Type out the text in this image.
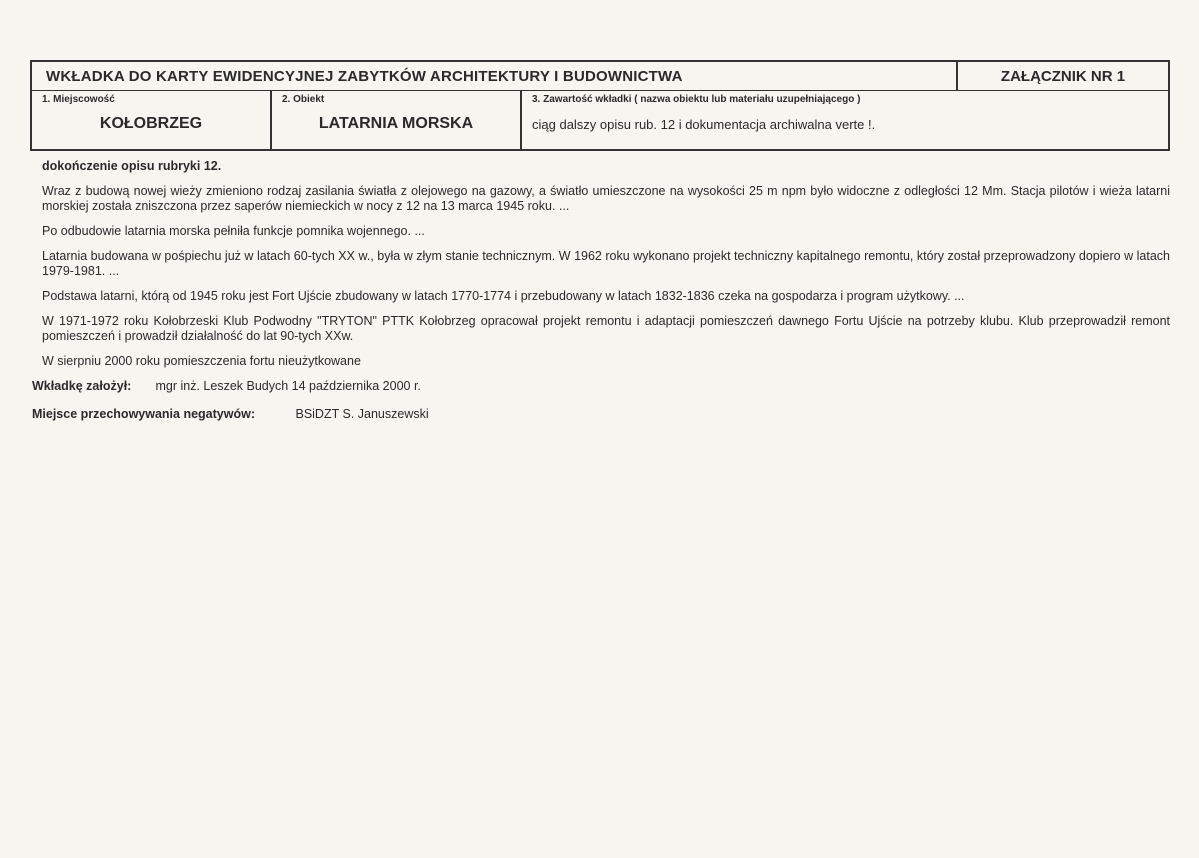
WKŁADKA DO KARTY EWIDENCYJNEJ ZABYTKÓW ARCHITEKTURY I BUDOWNICTWA	ZAŁĄCZNIK NR 1
1. Miejscowość
KOŁOBRZEG
2. Obiekt
LATARNIA MORSKA
3. Zawartość wkładki ( nazwa obiektu lub materiału uzupełniającego )
ciąg dalszy opisu rub. 12 i dokumentacja archiwalna verte !.
dokończenie opisu rubryki 12.

Wraz z budową nowej wieży zmieniono rodzaj zasilania światła z olejowego na gazowy, a światło umieszczone na wysokości 25 m npm było widoczne z odległości 12 Mm. Stacja pilotów i wieża latarni morskiej została zniszczona przez saperów niemieckich w nocy z 12 na 13 marca 1945 roku. ...

Po odbudowie latarnia morska pełniła funkcje pomnika wojennego. ...

Latarnia budowana w pośpiechu już w latach 60-tych XX w., była w złym stanie technicznym. W 1962 roku wykonano projekt techniczny kapitalnego remontu, który został przeprowadzony dopiero w latach 1979-1981. ...

Podstawa latarni, którą od 1945 roku jest Fort Ujście zbudowany w latach 1770-1774 i przebudowany w latach 1832-1836 czeka na gospodarza i program użytkowy. ...

W 1971-1972 roku Kołobrzeski Klub Podwodny "TRYTON" PTTK Kołobrzeg opracował projekt remontu i adaptacji pomieszczeń dawnego Fortu Ujście na potrzeby klubu. Klub przeprowadził remont pomieszczeń i prowadził działalność do lat 90-tych XXw.

W sierpniu 2000 roku pomieszczenia fortu nieużytkowane

Wkładkę założył: mgr inż. Leszek Budych 14 października 2000 r.
Miejsce przechowywania negatywów:	BSiDZT S. Januszewski
